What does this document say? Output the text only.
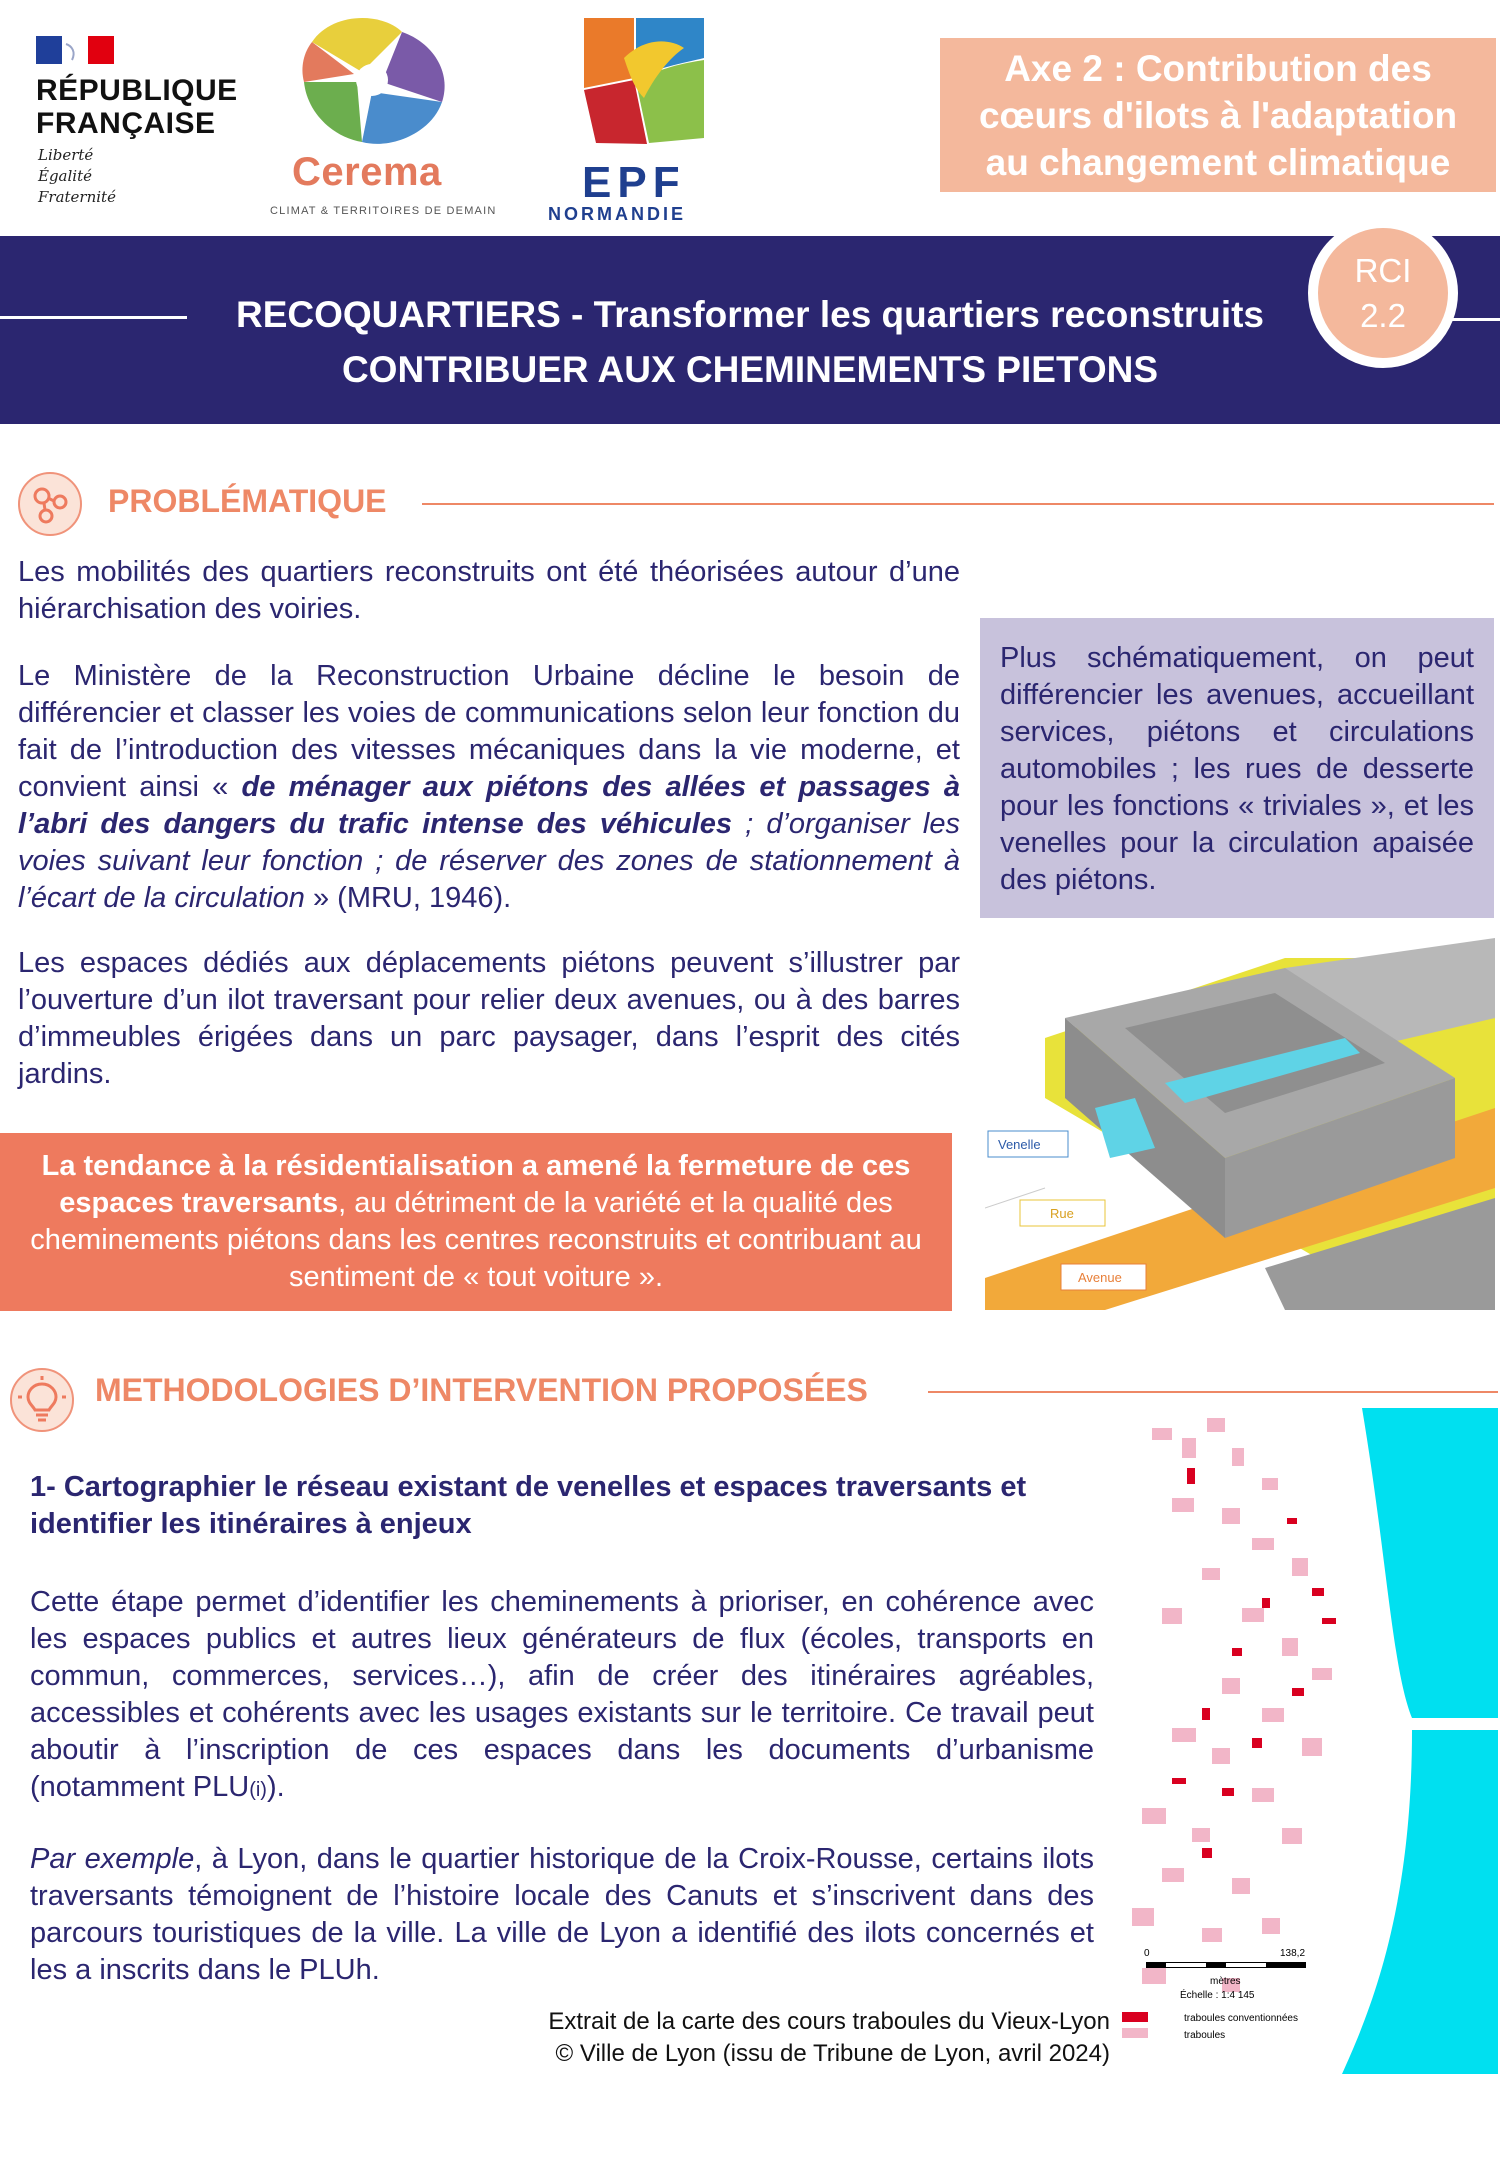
RÉPUBLIQUE
FRANÇAISE
Liberté
Égalité
Fraternité
Cerema
CLIMAT & TERRITOIRES DE DEMAIN
EPF
NORMANDIE
Axe 2 : Contribution des
cœurs d'ilots à l'adaptation
au changement climatique
RECOQUARTIERS - Transformer les quartiers reconstruits
CONTRIBUER AUX CHEMINEMENTS PIETONS
RCI
2.2
PROBLÉMATIQUE
Les mobilités des quartiers reconstruits ont été théorisées autour d’une hiérarchisation des voiries.
Le Ministère de la Reconstruction Urbaine décline le besoin de différencier et classer les voies de communications selon leur fonction du fait de l’introduction des vitesses mécaniques dans la vie moderne, et convient ainsi « de ménager aux piétons des allées et passages à l’abri des dangers du trafic intense des véhicules ; d’organiser les voies suivant leur fonction ; de réserver des zones de stationnement à l’écart de la circulation » (MRU, 1946).
Les espaces dédiés aux déplacements piétons peuvent s’illustrer par l’ouverture d’un ilot traversant pour relier deux avenues, ou à des barres d’immeubles érigées dans un parc paysager, dans l’esprit des cités jardins.
Plus schématiquement, on peut différencier les avenues, accueillant services, piétons et circulations automobiles ; les rues de desserte pour les fonctions « triviales », et les venelles pour la circulation apaisée des piétons.
Venelle
Rue
Avenue
La tendance à la résidentialisation a amené la fermeture de ces espaces traversants, au détriment de la variété et la qualité des cheminements piétons dans les centres reconstruits et contribuant au sentiment de « tout voiture ».
METHODOLOGIES D’INTERVENTION PROPOSÉES
1- Cartographier le réseau existant de venelles et espaces traversants et identifier les itinéraires à enjeux
Cette étape permet d’identifier les cheminements à prioriser, en cohérence avec les espaces publics et autres lieux générateurs de flux (écoles, transports en commun, commerces, services…), afin de créer des itinéraires agréables, accessibles et cohérents avec les usages existants sur le territoire. Ce travail peut aboutir à l’inscription de ces espaces dans les documents d’urbanisme (notamment PLU(i)).
Par exemple, à Lyon, dans le quartier historique de la Croix-Rousse, certains ilots traversants témoignent de l’histoire locale des Canuts et s’inscrivent dans des parcours touristiques de la ville. La ville de Lyon a identifié des ilots concernés et les a inscrits dans le PLUh.
0	138,2
mètres
Échelle : 1:4 145
traboules conventionnées
traboules
Extrait de la carte des cours traboules du Vieux-Lyon
© Ville de Lyon (issu de Tribune de Lyon, avril 2024)
